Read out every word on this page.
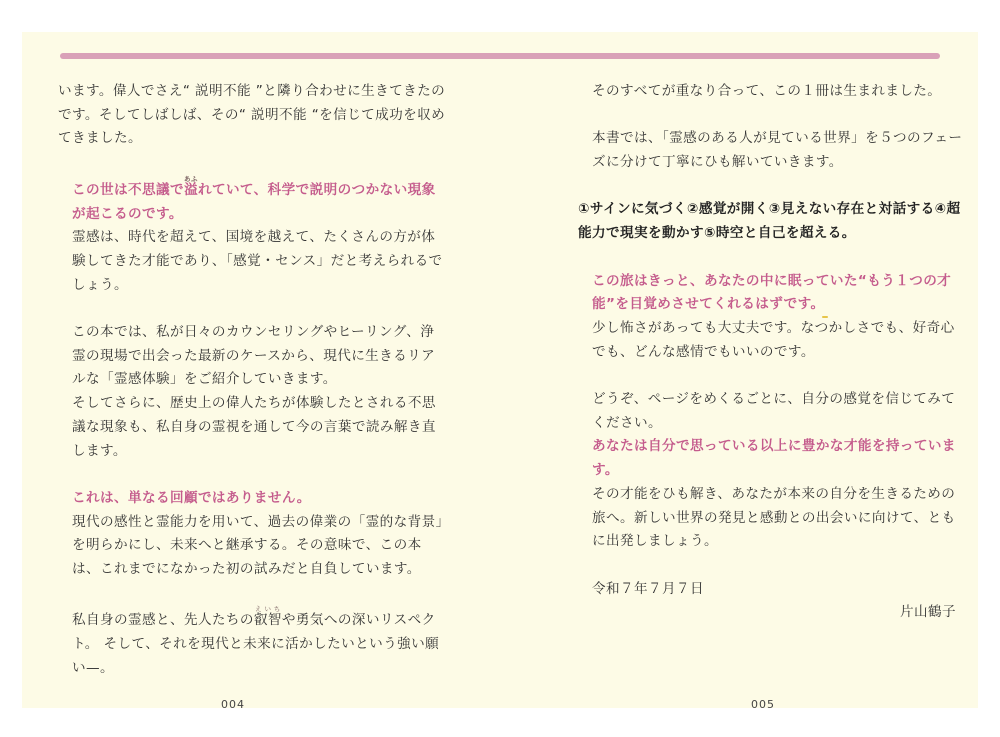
います。偉人でさえ“ 説明不能 ”と隣り合わせに生きてきたのです。そしてしばしば、その“ 説明不能 “を信じて成功を収めてきました。

この世は不思議で溢あふれていて、科学で説明のつかない現象が起こるのです。

霊感は、時代を超えて、国境を越えて、たくさんの方が体験してきた才能であり、「感覚・センス」だと考えられるでしょう。

この本では、私が日々のカウンセリングやヒーリング、浄霊の現場で出会った最新のケースから、現代に生きるリアルな「霊感体験」をご紹介していきます。

そしてさらに、歴史上の偉人たちが体験したとされる不思議な現象も、私自身の霊視を通して今の言葉で読み解き直します。

これは、単なる回顧ではありません。

現代の感性と霊能力を用いて、過去の偉業の「霊的な背景」を明らかにし、未来へと継承する。その意味で、この本は、これまでになかった初の試みだと自負しています。

私自身の霊感と、先人たちの叡智えいちや勇気への深いリスペクト。 そして、それを現代と未来に活かしたいという強い願い—。

そのすべてが重なり合って、この１冊は生まれました。

本書では、「霊感のある人が見ている世界」を５つのフェーズに分けて丁寧にひも解いていきます。

①サインに気づく②感覚が開く③見えない存在と対話する④超能力で現実を動かす⑤時空と自己を超える。

この旅はきっと、あなたの中に眠っていた“もう１つの才能”を目覚めさせてくれるはずです。

少し怖さがあっても大丈夫です。なつかしさでも、好奇心でも、どんな感情でもいいのです。

どうぞ、ページをめくるごとに、自分の感覚を信じてみてください。

あなたは自分で思っている以上に豊かな才能を持っています。

その才能をひも解き、あなたが本来の自分を生きるための旅へ。新しい世界の発見と感動との出会いに向けて、ともに出発しましょう。

令和７年７月７日

片山鶴子

004	005
